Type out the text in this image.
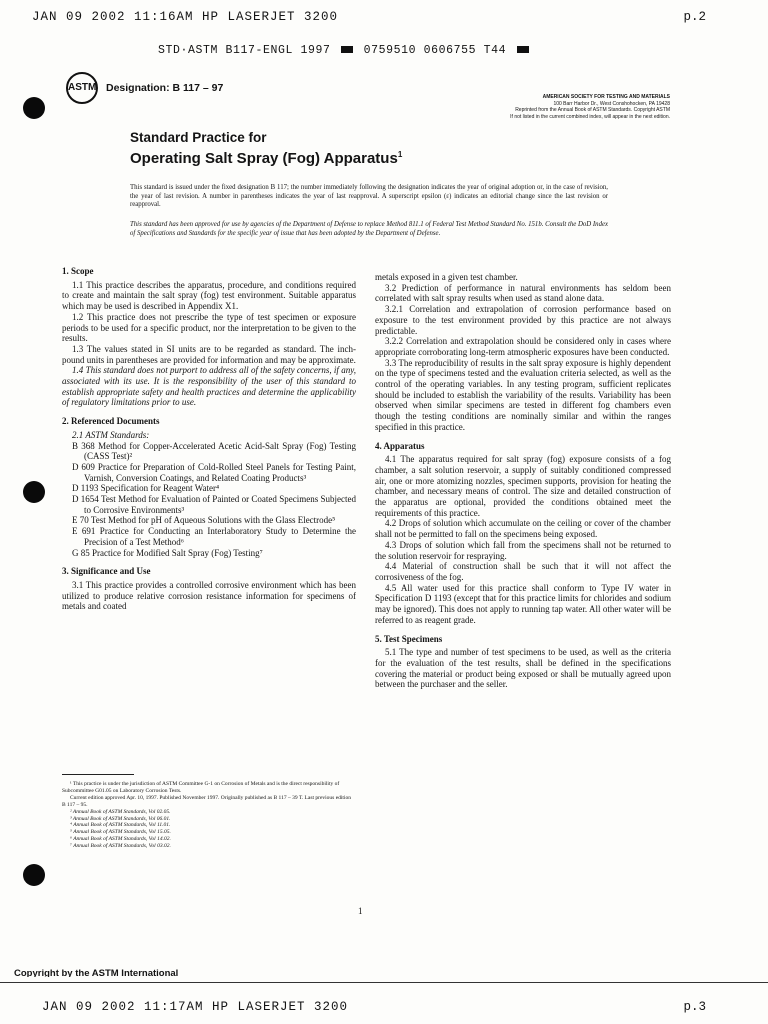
JAN 09 2002 11:16AM HP LASERJET 3200	p.2
STD·ASTM B117-ENGL 1997	0759510 0606755 T44
ASTM Designation: B 117 – 97
AMERICAN SOCIETY FOR TESTING AND MATERIALS
100 Barr Harbor Dr., West Conshohocken, PA 19428
Reprinted from the Annual Book of ASTM Standards. Copyright ASTM
If not listed in the current combined index, will appear in the next edition.
Standard Practice for
Operating Salt Spray (Fog) Apparatus$^1$
This standard is issued under the fixed designation B 117; the number immediately following the designation indicates the year of original adoption or, in the case of revision, the year of last revision. A number in parentheses indicates the year of last reapproval. A superscript epsilon (ε) indicates an editorial change since the last revision or reapproval.
This standard has been approved for use by agencies of the Department of Defense to replace Method 811.1 of Federal Test Method Standard No. 151b. Consult the DoD Index of Specifications and Standards for the specific year of issue that has been adopted by the Department of Defense.
1. Scope

1.1 This practice describes the apparatus, procedure, and conditions required to create and maintain the salt spray (fog) test environment. Suitable apparatus which may be used is described in Appendix X1.

1.2 This practice does not prescribe the type of test specimen or exposure periods to be used for a specific product, nor the interpretation to be given to the results.

1.3 The values stated in SI units are to be regarded as standard. The inch-pound units in parentheses are provided for information and may be approximate.

1.4 This standard does not purport to address all of the safety concerns, if any, associated with its use. It is the responsibility of the user of this standard to establish appropriate safety and health practices and determine the applicability of regulatory limitations prior to use.

2. Referenced Documents

2.1 ASTM Standards:

B 368 Method for Copper-Accelerated Acetic Acid-Salt Spray (Fog) Testing (CASS Test)²
D 609 Practice for Preparation of Cold-Rolled Steel Panels for Testing Paint, Varnish, Conversion Coatings, and Related Coating Products³
D 1193 Specification for Reagent Water⁴
D 1654 Test Method for Evaluation of Painted or Coated Specimens Subjected to Corrosive Environments³
E 70 Test Method for pH of Aqueous Solutions with the Glass Electrode⁵
E 691 Practice for Conducting an Interlaboratory Study to Determine the Precision of a Test Method⁶
G 85 Practice for Modified Salt Spray (Fog) Testing⁷
3. Significance and Use

3.1 This practice provides a controlled corrosive environment which has been utilized to produce relative corrosion resistance information for specimens of metals and coated

metals exposed in a given test chamber.

3.2 Prediction of performance in natural environments has seldom been correlated with salt spray results when used as stand alone data.

3.2.1 Correlation and extrapolation of corrosion performance based on exposure to the test environment provided by this practice are not always predictable.

3.2.2 Correlation and extrapolation should be considered only in cases where appropriate corroborating long-term atmospheric exposures have been conducted.

3.3 The reproducibility of results in the salt spray exposure is highly dependent on the type of specimens tested and the evaluation criteria selected, as well as the control of the operating variables. In any testing program, sufficient replicates should be included to establish the variability of the results. Variability has been observed when similar specimens are tested in different fog chambers even though the testing conditions are nominally similar and within the ranges specified in this practice.

4. Apparatus

4.1 The apparatus required for salt spray (fog) exposure consists of a fog chamber, a salt solution reservoir, a supply of suitably conditioned compressed air, one or more atomizing nozzles, specimen supports, provision for heating the chamber, and necessary means of control. The size and detailed construction of the apparatus are optional, provided the conditions obtained meet the requirements of this practice.

4.2 Drops of solution which accumulate on the ceiling or cover of the chamber shall not be permitted to fall on the specimens being exposed.

4.3 Drops of solution which fall from the specimens shall not be returned to the solution reservoir for respraying.

4.4 Material of construction shall be such that it will not affect the corrosiveness of the fog.

4.5 All water used for this practice shall conform to Type IV water in Specification D 1193 (except that for this practice limits for chlorides and sodium may be ignored). This does not apply to running tap water. All other water will be referred to as reagent grade.

5. Test Specimens

5.1 The type and number of test specimens to be used, as well as the criteria for the evaluation of the test results, shall be defined in the specifications covering the material or product being exposed or shall be mutually agreed upon between the purchaser and the seller.

¹ This practice is under the jurisdiction of ASTM Committee G-1 on Corrosion of Metals and is the direct responsibility of Subcommittee G01.05 on Laboratory Corrosion Tests.
Current edition approved Apr. 10, 1997. Published November 1997. Originally published as B 117 – 39 T. Last previous edition B 117 – 95.
² Annual Book of ASTM Standards, Vol 02.05.
³ Annual Book of ASTM Standards, Vol 06.01.
⁴ Annual Book of ASTM Standards, Vol 11.01.
⁵ Annual Book of ASTM Standards, Vol 15.05.
⁶ Annual Book of ASTM Standards, Vol 14.02.
⁷ Annual Book of ASTM Standards, Vol 03.02.
1
Copyright by the ASTM International
JAN 09 2002 11:17AM HP LASERJET 3200	p.3
